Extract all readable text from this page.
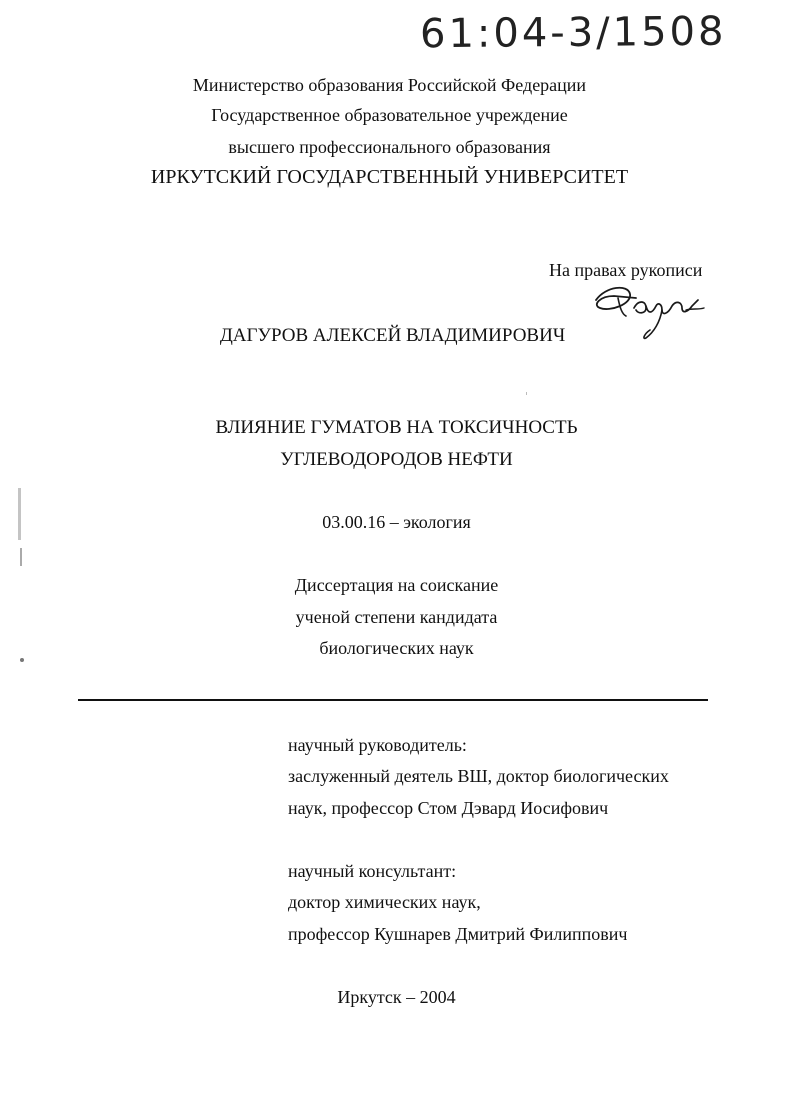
61:04-3/1508
Министерство образования Российской Федерации
Государственное образовательное учреждение
высшего профессионального образования
ИРКУТСКИЙ ГОСУДАРСТВЕННЫЙ УНИВЕРСИТЕТ
На правах рукописи
ДАГУРОВ АЛЕКСЕЙ ВЛАДИМИРОВИЧ
ВЛИЯНИЕ ГУМАТОВ НА ТОКСИЧНОСТЬ
УГЛЕВОДОРОДОВ НЕФТИ
03.00.16 – экология
Диссертация на соискание
ученой степени кандидата
биологических наук
научный руководитель:
заслуженный деятель ВШ, доктор биологических
наук, профессор Стом Дэвард Иосифович
научный консультант:
доктор химических наук,
профессор Кушнарев Дмитрий Филиппович
Иркутск – 2004
